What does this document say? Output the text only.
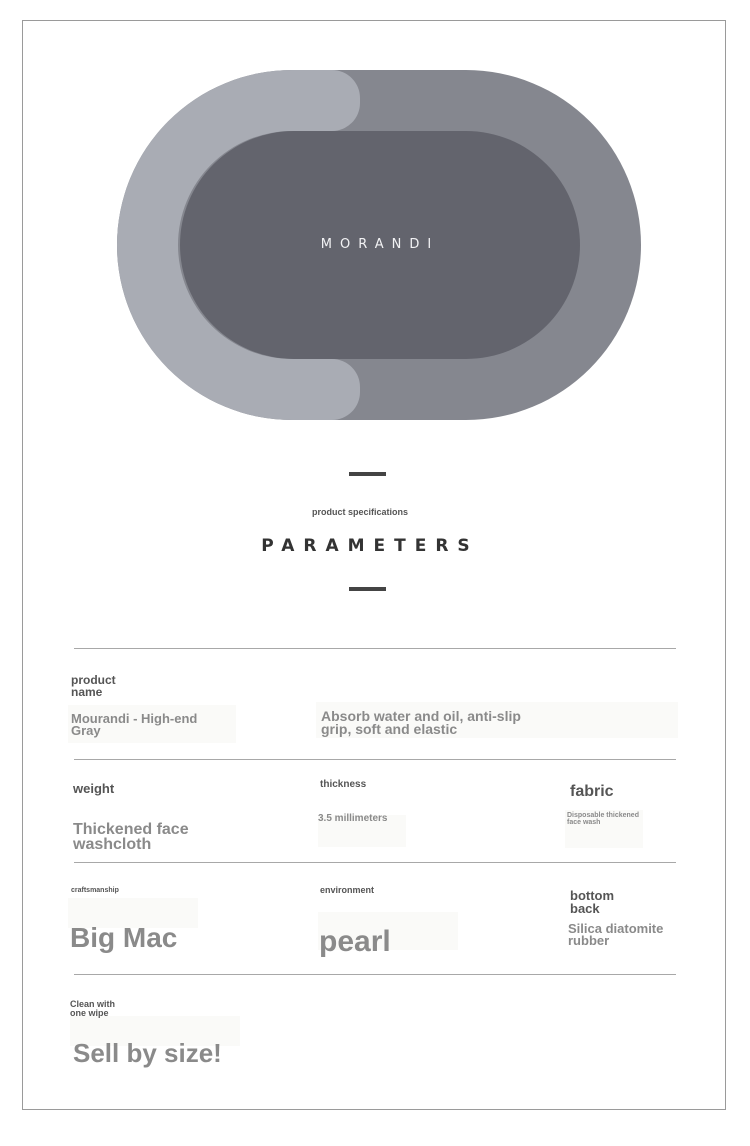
MORANDI
product specifications
PARAMETERS
product
name
Mourandi - High-end
Gray
Absorb water and oil, anti-slip
grip, soft and elastic
weight
Thickened face
washcloth
thickness
3.5 millimeters
fabric
Disposable thickened
face wash
craftsmanship
Big Mac
environment
pearl
bottom
back
Silica diatomite
rubber
Clean with
one wipe
Sell by size!
